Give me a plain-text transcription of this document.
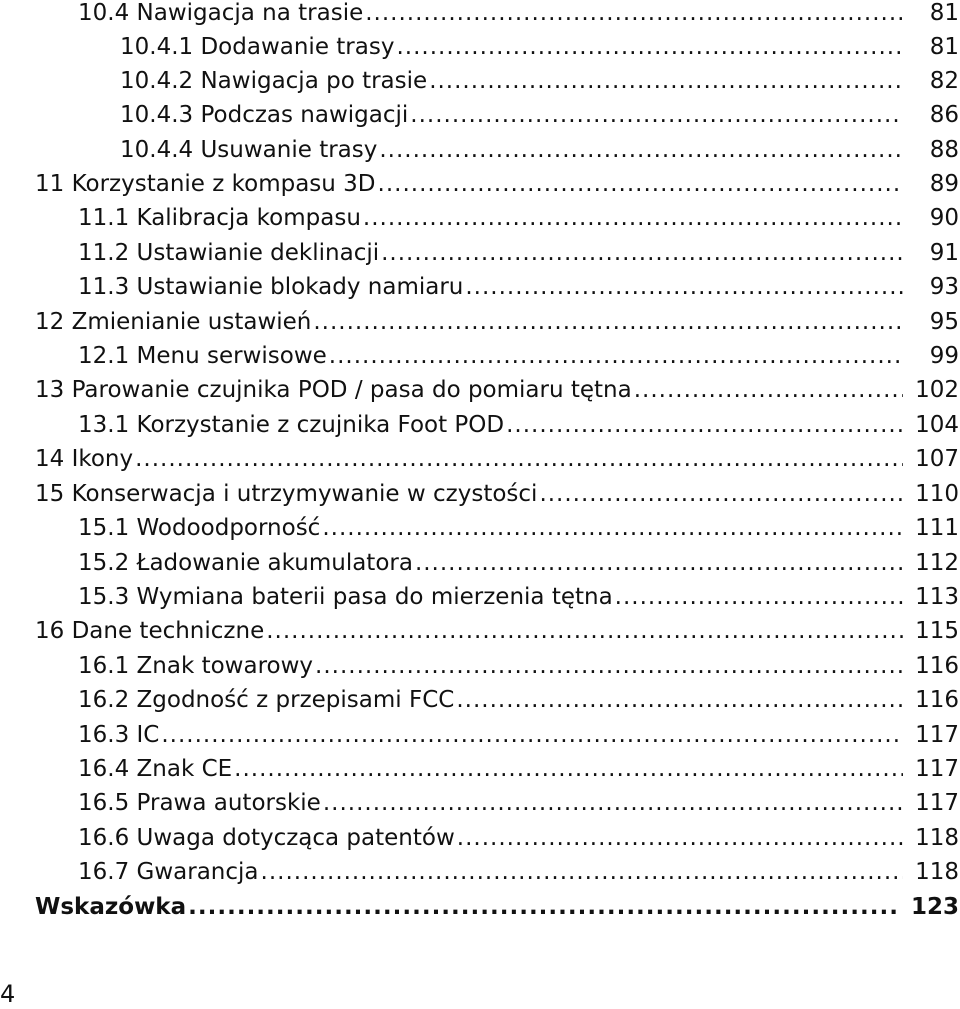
10.4 Nawigacja na trasie .....	81
10.4.1 Dodawanie trasy .....	81
10.4.2 Nawigacja po trasie .....	82
10.4.3 Podczas nawigacji .....	86
10.4.4 Usuwanie trasy .....	88
11 Korzystanie z kompasu 3D .....	89
11.1 Kalibracja kompasu .....	90
11.2 Ustawianie deklinacji .....	91
11.3 Ustawianie blokady namiaru .....	93
12 Zmienianie ustawień .....	95
12.1 Menu serwisowe .....	99
13 Parowanie czujnika POD / pasa do pomiaru tętna .....	102
13.1 Korzystanie z czujnika Foot POD .....	104
14 Ikony .....	107
15 Konserwacja i utrzymywanie w czystości .....	110
15.1 Wodoodporność .....	111
15.2 Ładowanie akumulatora .....	112
15.3 Wymiana baterii pasa do mierzenia tętna .....	113
16 Dane techniczne .....	115
16.1 Znak towarowy .....	116
16.2 Zgodność z przepisami FCC .....	116
16.3 IC .....	117
16.4 Znak CE .....	117
16.5 Prawa autorskie .....	117
16.6 Uwaga dotycząca patentów .....	118
16.7 Gwarancja .....	118
Wskazówka .....	123
4
